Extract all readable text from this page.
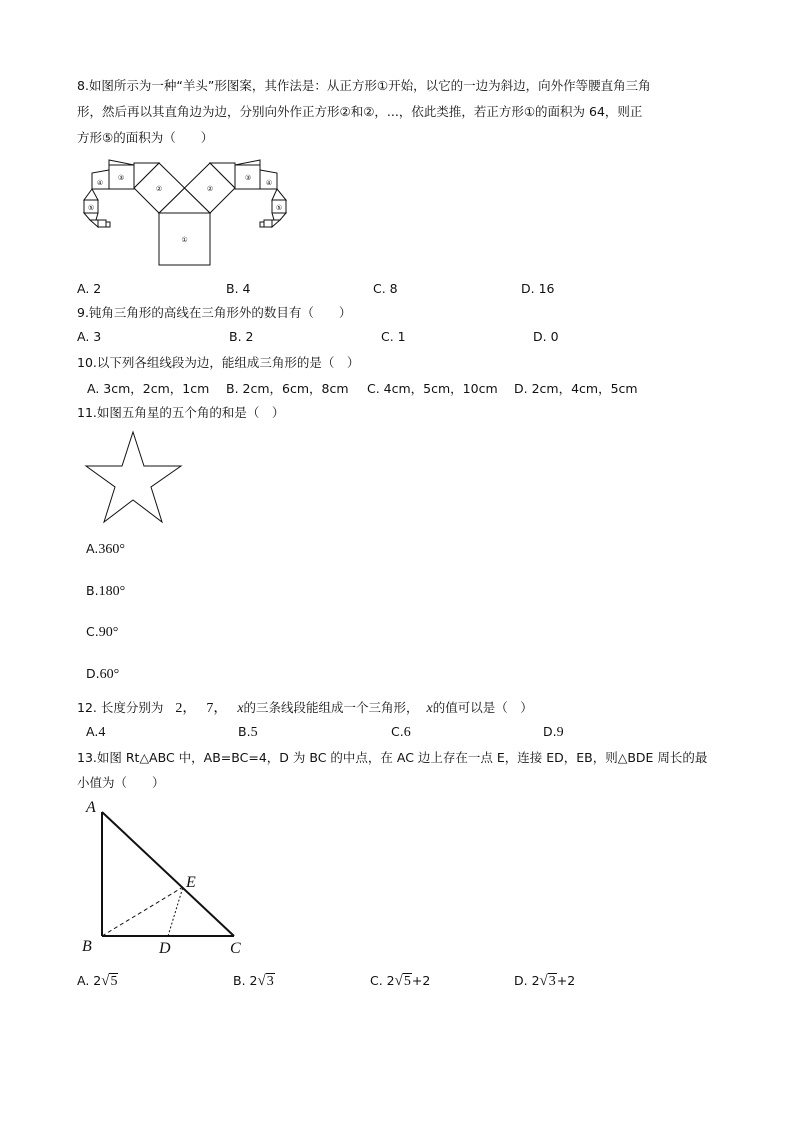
8.如图所示为一种“羊头”形图案，其作法是：从正方形①开始，以它的一边为斜边，向外作等腰直角三角
形，然后再以其直角边为边，分别向外作正方形②和②，...，依此类推，若正方形①的面积为 64，则正
方形⑤的面积为（　　）
①
②	②
③	③
④	④
⑤	⑤
A. 2	B. 4	C. 8	D. 16
9.钝角三角形的高线在三角形外的数目有（　　）
A. 3	B. 2	C. 1	D. 0
10.以下列各组线段为边，能组成三角形的是（　）
A. 3cm，2cm，1cm B. 2cm，6cm，8cm C. 4cm，5cm，10cm D. 2cm，4cm，5cm
11.如图五角星的五个角的和是（　）
A.360°
B.180°
C.90°
D.60°
12. 长度分别为 2， 7， x的三条线段能组成一个三角形， x的值可以是（　）
A.4	B.5	C.6	D.9
13.如图 Rt△ABC 中，AB=BC=4，D 为 BC 的中点，在 AC 边上存在一点 E，连接 ED，EB，则△BDE 周长的最
小值为（　　）
A
B	C
D
E
A. 2√5	B. 2√3	C. 2√5+2	D. 2√3+2
